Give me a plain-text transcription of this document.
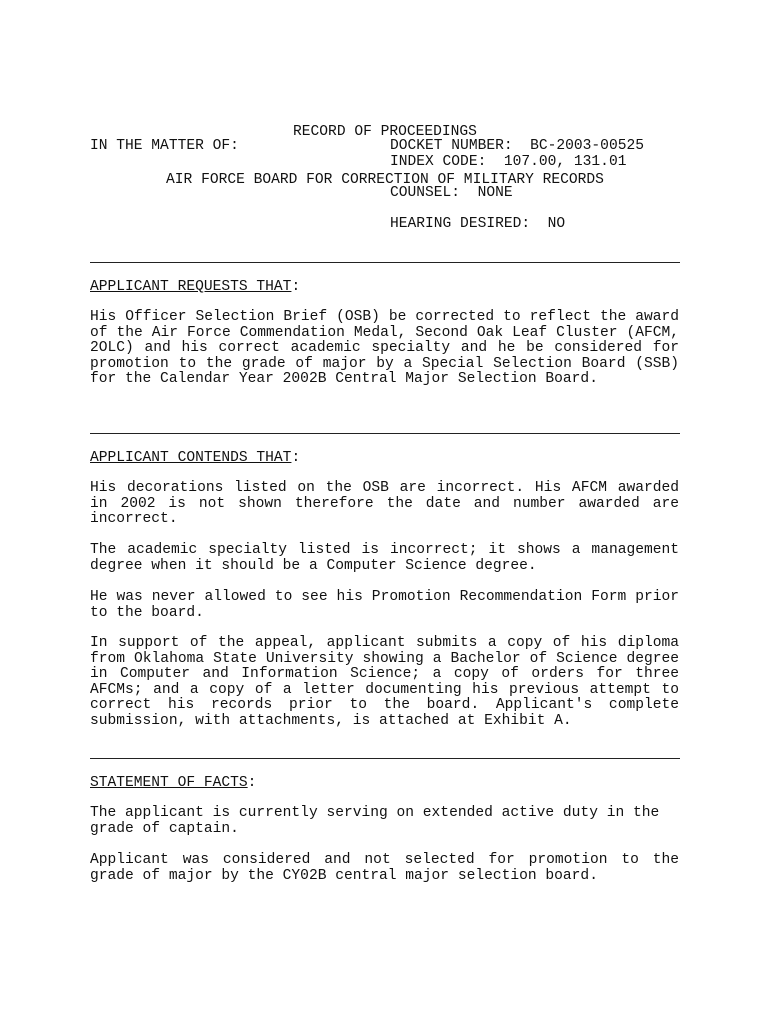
RECORD OF PROCEEDINGS

AIR FORCE BOARD FOR CORRECTION OF MILITARY RECORDS

IN THE MATTER OF:	DOCKET NUMBER:  BC-2003-00525
INDEX CODE:  107.00, 131.01
COUNSEL:  NONE
HEARING DESIRED:  NO
APPLICANT REQUESTS THAT:
His Officer Selection Brief (OSB) be corrected to reflect the award of the Air Force Commendation Medal, Second Oak Leaf Cluster (AFCM, 2OLC) and his correct academic specialty and he be considered for promotion to the grade of major by a Special Selection Board (SSB) for the Calendar Year 2002B Central Major Selection Board.
APPLICANT CONTENDS THAT:
His decorations listed on the OSB are incorrect. His AFCM awarded in 2002 is not shown therefore the date and number awarded are incorrect.
The academic specialty listed is incorrect; it shows a management degree when it should be a Computer Science degree.
He was never allowed to see his Promotion Recommendation Form prior to the board.
In support of the appeal, applicant submits a copy of his diploma from Oklahoma State University showing a Bachelor of Science degree in Computer and Information Science; a copy of orders for three AFCMs; and a copy of a letter documenting his previous attempt to correct his records prior to the board. Applicant's complete submission, with attachments, is attached at Exhibit A.
STATEMENT OF FACTS:
The applicant is currently serving on extended active duty in the grade of captain.
Applicant was considered and not selected for promotion to the grade of major by the CY02B central major selection board.
